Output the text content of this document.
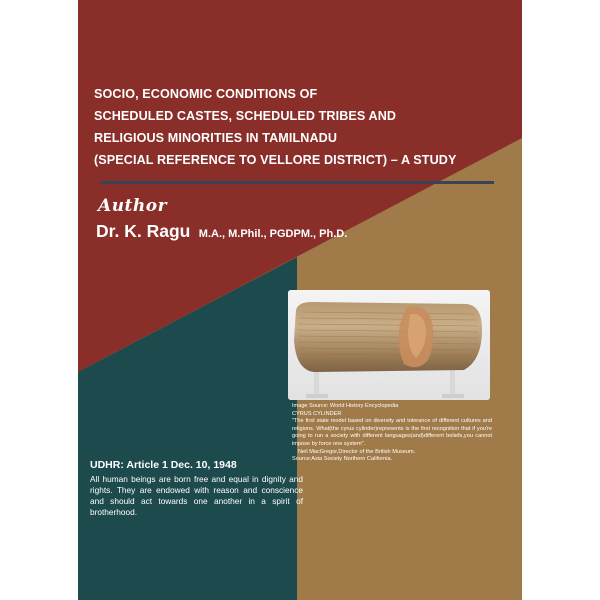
SOCIO, ECONOMIC CONDITIONS OF
SCHEDULED CASTES, SCHEDULED TRIBES AND
RELIGIOUS MINORITIES IN TAMILNADU
(SPECIAL REFERENCE TO VELLORE DISTRICT) – A STUDY
Author
Dr. K. Ragu M.A., M.Phil., PGDPM., Ph.D.
Image Source: World History Encyclopedia
CYRUS CYLINDER
"The first state model based on diversity and tolerance of different cultures and religions. What(the cyrus cylinder)represents is the first recognition that if you're going to run a society with different languages(and)different beliefs,you cannot impose by force one system".
Neil MacGregor,Director of the British Museum.
Source:Asia Society Northern California.
UDHR: Article 1 Dec. 10, 1948
All human beings are born free and equal in dignity and rights. They are endowed with reason and conscience and should act towards one another in a spirit of brotherhood.
